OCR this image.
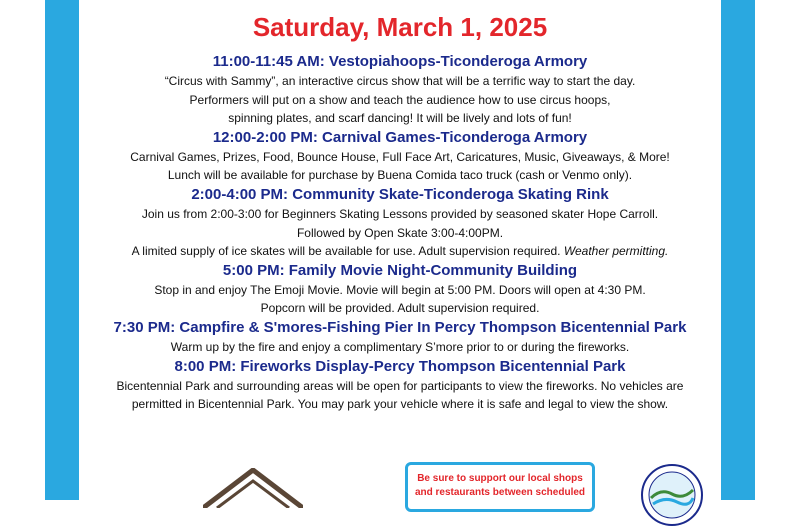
Saturday, March 1, 2025

11:00-11:45 AM: Vestopiahoops-Ticonderoga Armory

“Circus with Sammy”, an interactive circus show that will be a terrific way to start the day.

Performers will put on a show and teach the audience how to use circus hoops,

spinning plates, and scarf dancing! It will be lively and lots of fun!

12:00-2:00 PM: Carnival Games-Ticonderoga Armory

Carnival Games, Prizes, Food, Bounce House, Full Face Art, Caricatures, Music, Giveaways, & More!

Lunch will be available for purchase by Buena Comida taco truck (cash or Venmo only).

2:00-4:00 PM: Community Skate-Ticonderoga Skating Rink

Join us from 2:00-3:00 for Beginners Skating Lessons provided by seasoned skater Hope Carroll.

Followed by Open Skate 3:00-4:00PM.

A limited supply of ice skates will be available for use. Adult supervision required. Weather permitting.

5:00 PM: Family Movie Night-Community Building

Stop in and enjoy The Emoji Movie. Movie will begin at 5:00 PM. Doors will open at 4:30 PM.

Popcorn will be provided. Adult supervision required.

7:30 PM: Campfire & S'mores-Fishing Pier In Percy Thompson Bicentennial Park

Warm up by the fire and enjoy a complimentary S’more prior to or during the fireworks.

8:00 PM: Fireworks Display-Percy Thompson Bicentennial Park

Bicentennial Park and surrounding areas will be open for participants to view the fireworks. No vehicles are

permitted in Bicentennial Park. You may park your vehicle where it is safe and legal to view the show.

Be sure to support our local shops
and restaurants between scheduled
